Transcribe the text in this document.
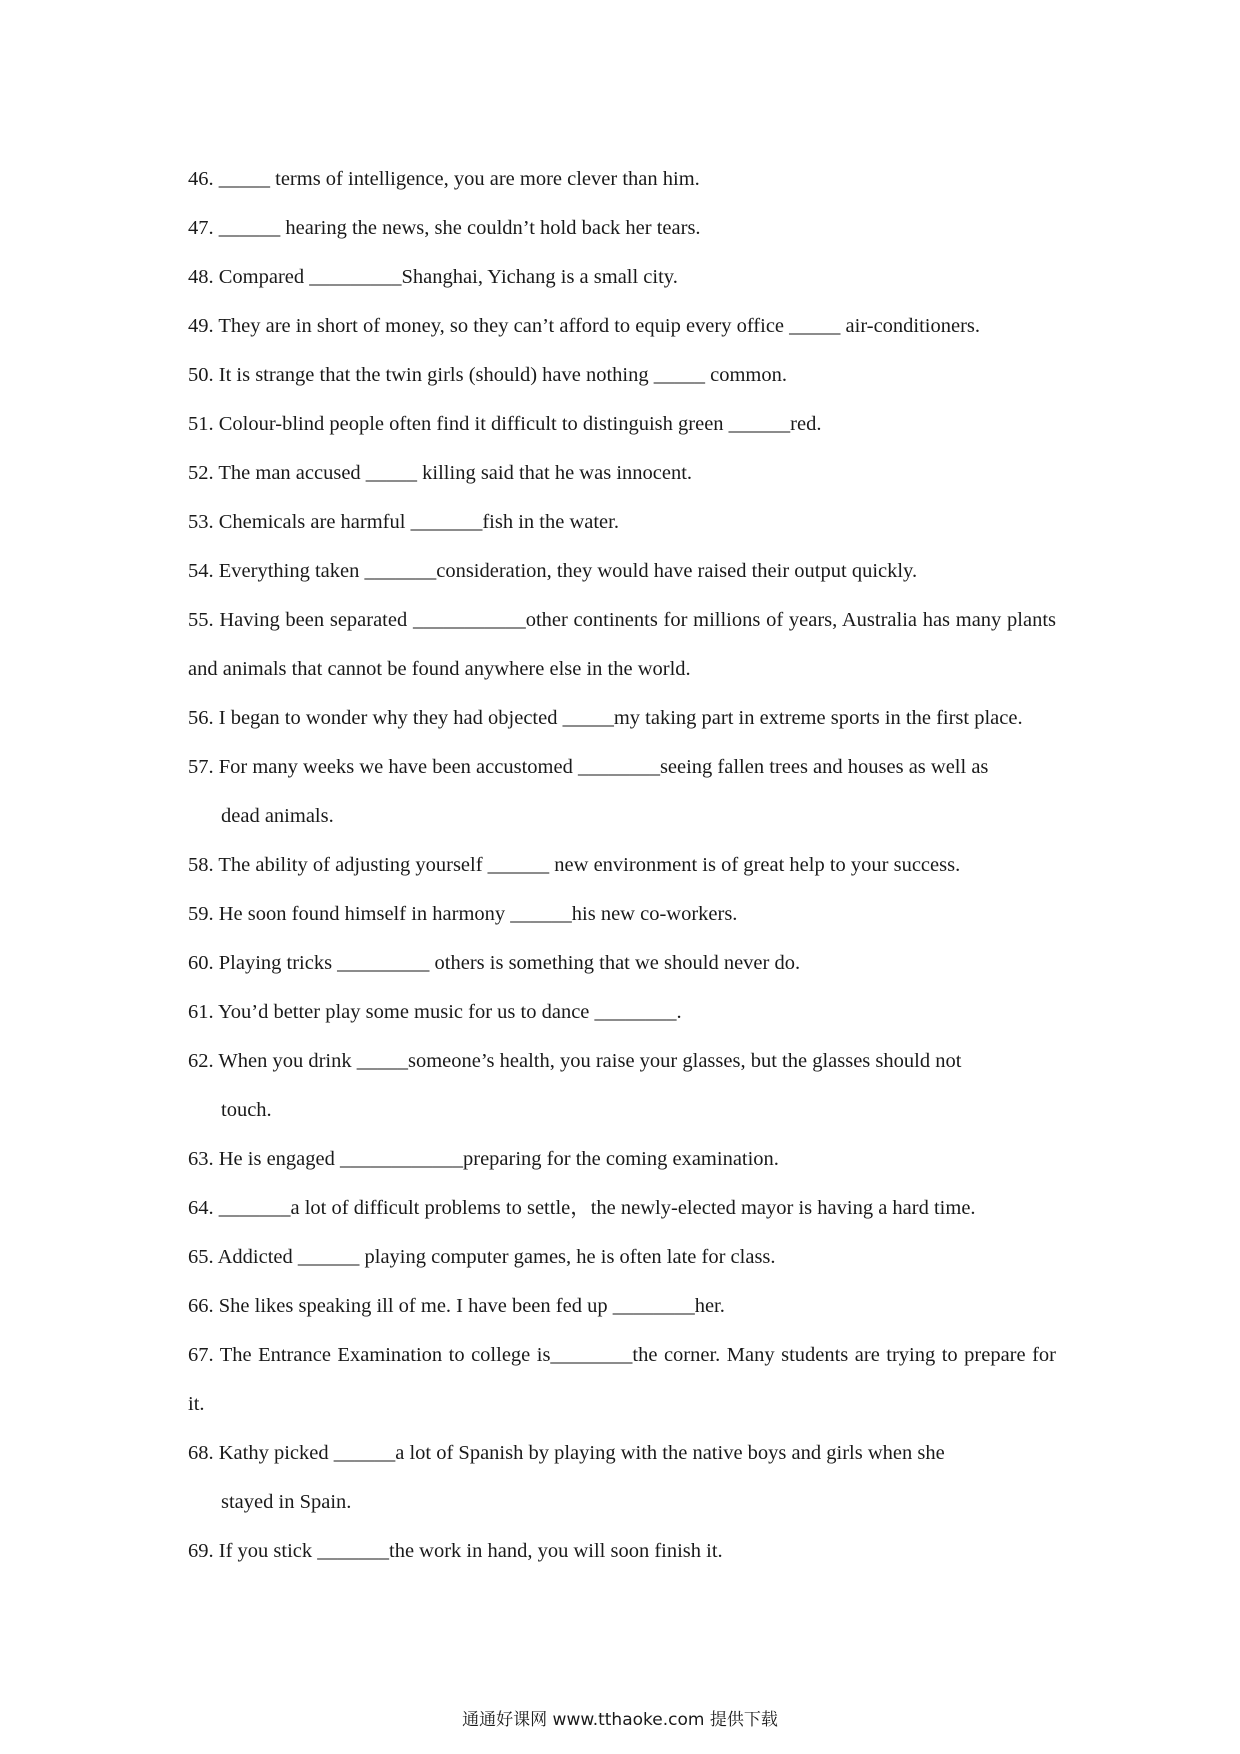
46. _____ terms of intelligence, you are more clever than him.
47. ______ hearing the news, she couldn’t hold back her tears.
48. Compared _________Shanghai, Yichang is a small city.
49. They are in short of money, so they can’t afford to equip every office _____ air-conditioners.
50. It is strange that the twin girls (should) have nothing _____ common.
51. Colour-blind people often find it difficult to distinguish green ______red.
52. The man accused _____ killing said that he was innocent.
53. Chemicals are harmful _______fish in the water.
54. Everything taken _______consideration, they would have raised their output quickly.
55. Having been separated ___________other continents for millions of years, Australia has many plants and animals that cannot be found anywhere else in the world.
56. I began to wonder why they had objected _____my taking part in extreme sports in the first place.
57. For many weeks we have been accustomed ________seeing fallen trees and houses as well as
dead animals.
58. The ability of adjusting yourself ______ new environment is of great help to your success.
59. He soon found himself in harmony ______his new co-workers.
60. Playing tricks _________ others is something that we should never do.
61. You’d better play some music for us to dance ________.
62. When you drink _____someone’s health, you raise your glasses, but the glasses should not
touch.
63. He is engaged ____________preparing for the coming examination.
64. _______a lot of difficult problems to settle，the newly-elected mayor is having a hard time.
65. Addicted ______ playing computer games, he is often late for class.
66. She likes speaking ill of me. I have been fed up ________her.
67. The Entrance Examination to college is________the corner. Many students are trying to prepare for it.
68. Kathy picked ______a lot of Spanish by playing with the native boys and girls when she
stayed in Spain.
69. If you stick _______the work in hand, you will soon finish it.
通通好课网 www.tthaoke.com 提供下载
